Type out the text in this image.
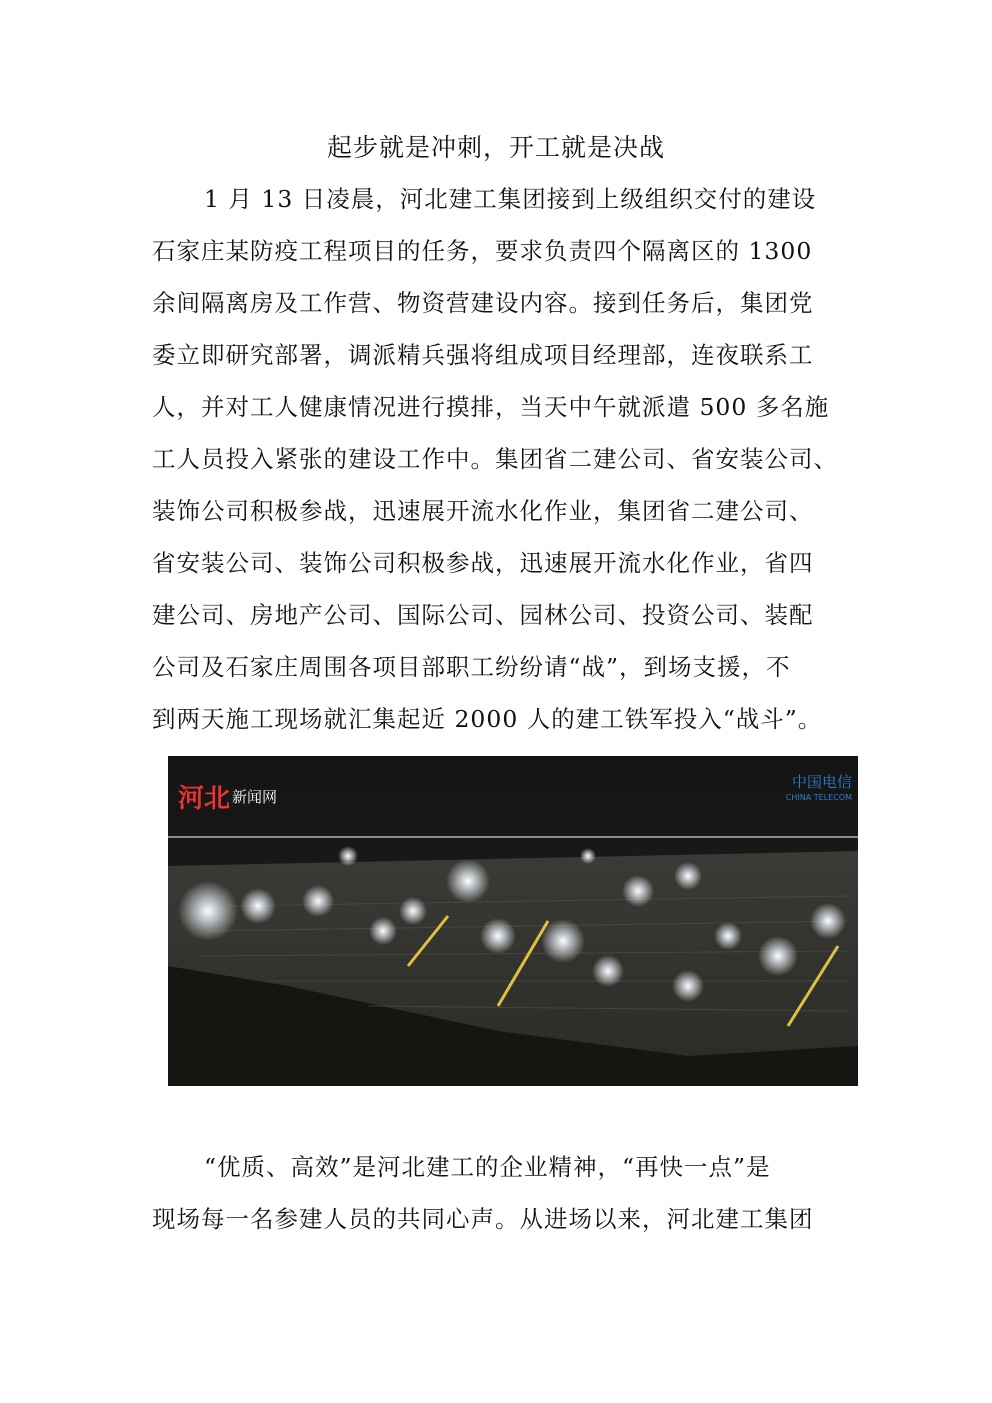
起步就是冲刺，开工就是决战
1 月 13 日凌晨，河北建工集团接到上级组织交付的建设
石家庄某防疫工程项目的任务，要求负责四个隔离区的 1300
余间隔离房及工作营、物资营建设内容。接到任务后，集团党
委立即研究部署，调派精兵强将组成项目经理部，连夜联系工
人，并对工人健康情况进行摸排，当天中午就派遣 500 多名施
工人员投入紧张的建设工作中。集团省二建公司、省安装公司、
装饰公司积极参战，迅速展开流水化作业，集团省二建公司、
省安装公司、装饰公司积极参战，迅速展开流水化作业，省四
建公司、房地产公司、国际公司、园林公司、投资公司、装配
公司及石家庄周围各项目部职工纷纷请“战”，到场支援，不
到两天施工现场就汇集起近 2000 人的建工铁军投入“战斗”。
河北 新闻网
中国电信
CHINA TELECOM
“优质、高效”是河北建工的企业精神，“再快一点”是
现场每一名参建人员的共同心声。从进场以来，河北建工集团
